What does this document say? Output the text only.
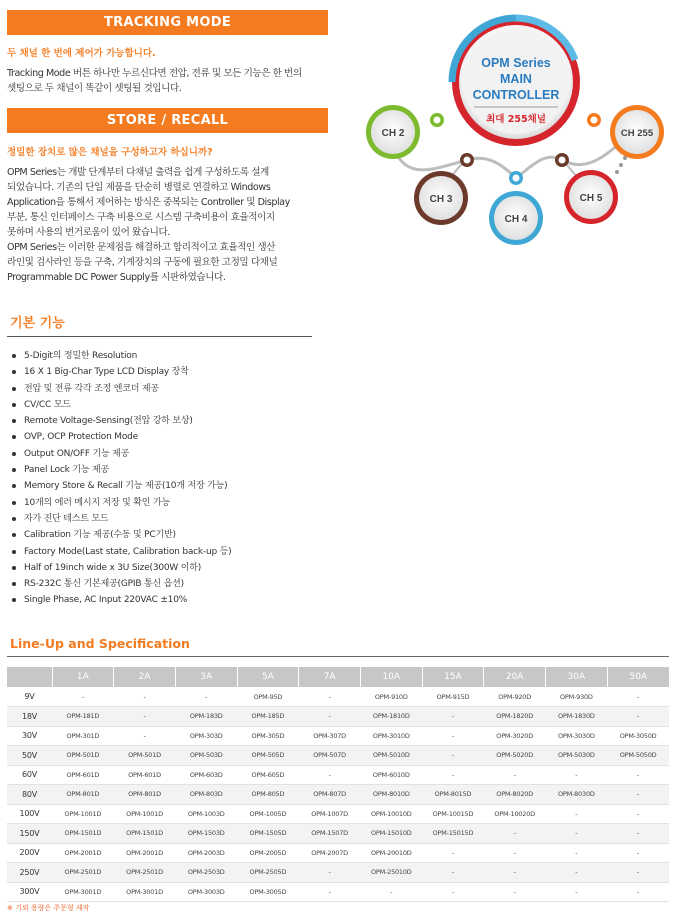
TRACKING MODE
두 채널 한 번에 제어가 가능합니다.
Tracking Mode 버튼 하나만 누르신다면 전압, 전류 및 모든 기능은 한 번의
셋팅으로 두 채널이 똑같이 셋팅될 것입니다.
STORE / RECALL
정밀한 장치로 많은 채널을 구성하고자 하십니까?
OPM Series는 개발 단계부터 다채널 출력을 쉽게 구성하도록 설계
되었습니다. 기존의 단일 제품을 단순히 병렬로 연결하고 Windows
Application을 통해서 제어하는 방식은 중복되는 Controller 및 Display
부분, 통신 인터페이스 구축 비용으로 시스템 구축비용이 효율적이지
못하며 사용의 번거로움이 있어 왔습니다.
OPM Series는 이러한 문제점을 해결하고 합리적이고 효율적인 생산
라인및 검사라인 등을 구축, 기계장치의 구동에 필요한 고정밀 다채널
Programmable DC Power Supply를 시판하였습니다.
OPM Series
MAIN
CONTROLLER
최대 255채널
CH 2
CH 3
CH 4
CH 5
CH 255
기본 기능
5-Digit의 정밀한 Resolution
16 X 1 Big-Char Type LCD Display 장착
전압 및 전류 각각 조정 엔코더 제공
CV/CC 모드
Remote Voltage-Sensing(전압 강하 보상)
OVP, OCP Protection Mode
Output ON/OFF 기능 제공
Panel Lock 기능 제공
Memory Store & Recall 기능 제공(10개 저장 가능)
10개의 에러 메시지 저장 및 확인 가능
자가 진단 테스트 모드
Calibration 기능 제공(수동 및 PC기반)
Factory Mode(Last state, Calibration back-up 등)
Half of 19inch wide x 3U Size(300W 이하)
RS-232C 통신 기본제공(GPIB 통신 옵션)
Single Phase, AC Input 220VAC ±10%
Line-Up and Specification
	1A	2A	3A	5A	7A	10A	15A	20A	30A	50A
9V	-	-	-	OPM-95D	-	OPM-910D	OPM-915D	OPM-920D	OPM-930D	-
18V	OPM-181D	-	OPM-183D	OPM-185D	-	OPM-1810D	-	OPM-1820D	OPM-1830D	-
30V	OPM-301D	-	OPM-303D	OPM-305D	OPM-307D	OPM-3010D	-	OPM-3020D	OPM-3030D	OPM-3050D
50V	OPM-501D	OPM-501D	OPM-503D	OPM-505D	OPM-507D	OPM-5010D	-	OPM-5020D	OPM-5030D	OPM-5050D
60V	OPM-601D	OPM-601D	OPM-603D	OPM-605D	-	OPM-6010D	-	-	-	-
80V	OPM-801D	OPM-801D	OPM-803D	OPM-805D	OPM-807D	OPM-8010D	OPM-8015D	OPM-8020D	OPM-8030D	-
100V	OPM-1001D	OPM-1001D	OPM-1003D	OPM-1005D	OPM-1007D	OPM-10010D	OPM-10015D	OPM-10020D	-	-
150V	OPM-1501D	OPM-1501D	OPM-1503D	OPM-1505D	OPM-1507D	OPM-15010D	OPM-15015D	-	-	-
200V	OPM-2001D	OPM-2001D	OPM-2003D	OPM-2005D	OPM-2007D	OPM-20010D	-	-	-	-
250V	OPM-2501D	OPM-2501D	OPM-2503D	OPM-2505D	-	OPM-25010D	-	-	-	-
300V	OPM-3001D	OPM-3001D	OPM-3003D	OPM-3005D	-	-	-	-	-	-
※ 기외 용량은 주문형 제작
